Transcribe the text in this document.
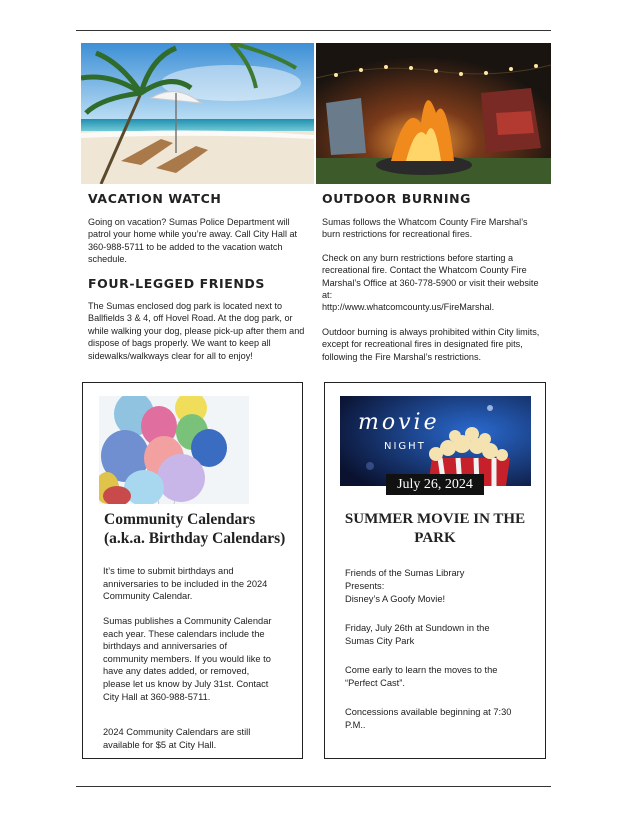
VACATION WATCH

Going on vacation? Sumas Police Department will patrol your home while you’re away. Call City Hall at 360-988-5711 to be added to the vacation watch schedule.

FOUR-LEGGED FRIENDS

The Sumas enclosed dog park is located next to Ballfields 3 & 4, off Hovel Road. At the dog park, or while walking your dog, please pick-up after them and dispose of bags properly. We want to keep all sidewalks/walkways clear for all to enjoy!

OUTDOOR BURNING

Sumas follows the Whatcom County Fire Marshal’s burn restrictions for recreational fires.

Check on any burn restrictions before starting a recreational fire. Contact the Whatcom County Fire Marshal’s Office at 360-778-5900 or visit their website at:

http://www.whatcomcounty.us/FireMarshal.

Outdoor burning is always prohibited within City limits, except for recreational fires in designated fire pits, following the Fire Marshal’s restrictions.

Community Calendars (a.k.a. Birthday Calendars)

It’s time to submit birthdays and anniversaries to be included in the 2024 Community Calendar.

Sumas publishes a Community Calendar each year. These calendars include the birthdays and anniversaries of community members. If you would like to have any dates added, or removed, please let us know by July 31st. Contact City Hall at 360-988-5711.

2024 Community Calendars are still available for $5 at City Hall.

movie
NIGHT
July 26, 2024
SUMMER MOVIE IN THE PARK

Friends of the Sumas Library Presents:

Disney’s A Goofy Movie!

Friday, July 26th at Sundown in the Sumas City Park

Come early to learn the moves to the “Perfect Cast”.

Concessions available beginning at 7:30 P.M..
